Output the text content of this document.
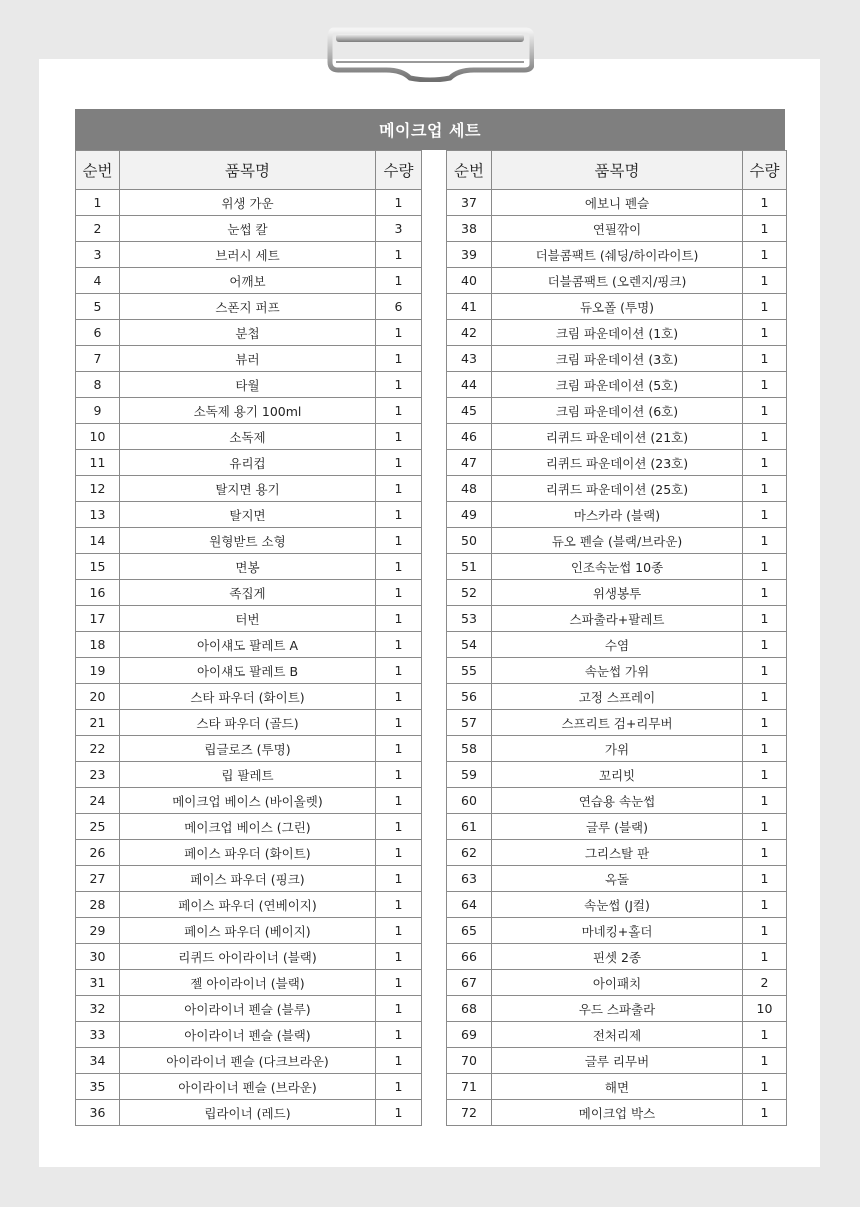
메이크업 세트
순번	품목명	수량
1	위생 가운	1
2	눈썹 칼	3
3	브러시 세트	1
4	어깨보	1
5	스폰지 퍼프	6
6	분첩	1
7	뷰러	1
8	타월	1
9	소독제 용기 100ml	1
10	소독제	1
11	유리컵	1
12	탈지면 용기	1
13	탈지면	1
14	원형받트 소형	1
15	면봉	1
16	족집게	1
17	터번	1
18	아이섀도 팔레트 A	1
19	아이섀도 팔레트 B	1
20	스타 파우더 (화이트)	1
21	스타 파우더 (골드)	1
22	립글로즈 (투명)	1
23	립 팔레트	1
24	메이크업 베이스 (바이올렛)	1
25	메이크업 베이스 (그린)	1
26	페이스 파우더 (화이트)	1
27	페이스 파우더 (핑크)	1
28	페이스 파우더 (연베이지)	1
29	페이스 파우더 (베이지)	1
30	리퀴드 아이라이너 (블랙)	1
31	젤 아이라이너 (블랙)	1
32	아이라이너 펜슬 (블루)	1
33	아이라이너 펜슬 (블랙)	1
34	아이라이너 펜슬 (다크브라운)	1
35	아이라이너 펜슬 (브라운)	1
36	립라이너 (레드)	1
순번	품목명	수량
37	에보니 펜슬	1
38	연필깎이	1
39	더블콤팩트 (쉐딩/하이라이트)	1
40	더블콤팩트 (오렌지/핑크)	1
41	듀오폴 (투명)	1
42	크림 파운데이션 (1호)	1
43	크림 파운데이션 (3호)	1
44	크림 파운데이션 (5호)	1
45	크림 파운데이션 (6호)	1
46	리퀴드 파운데이션 (21호)	1
47	리퀴드 파운데이션 (23호)	1
48	리퀴드 파운데이션 (25호)	1
49	마스카라 (블랙)	1
50	듀오 펜슬 (블랙/브라운)	1
51	인조속눈썹 10종	1
52	위생봉투	1
53	스파출라+팔레트	1
54	수염	1
55	속눈썹 가위	1
56	고정 스프레이	1
57	스프리트 검+리무버	1
58	가위	1
59	꼬리빗	1
60	연습용 속눈썹	1
61	글루 (블랙)	1
62	그리스탈 판	1
63	옥돌	1
64	속눈썹 (J컬)	1
65	마네킹+홀더	1
66	핀셋 2종	1
67	아이패치	2
68	우드 스파출라	10
69	전처리제	1
70	글루 리무버	1
71	해면	1
72	메이크업 박스	1
